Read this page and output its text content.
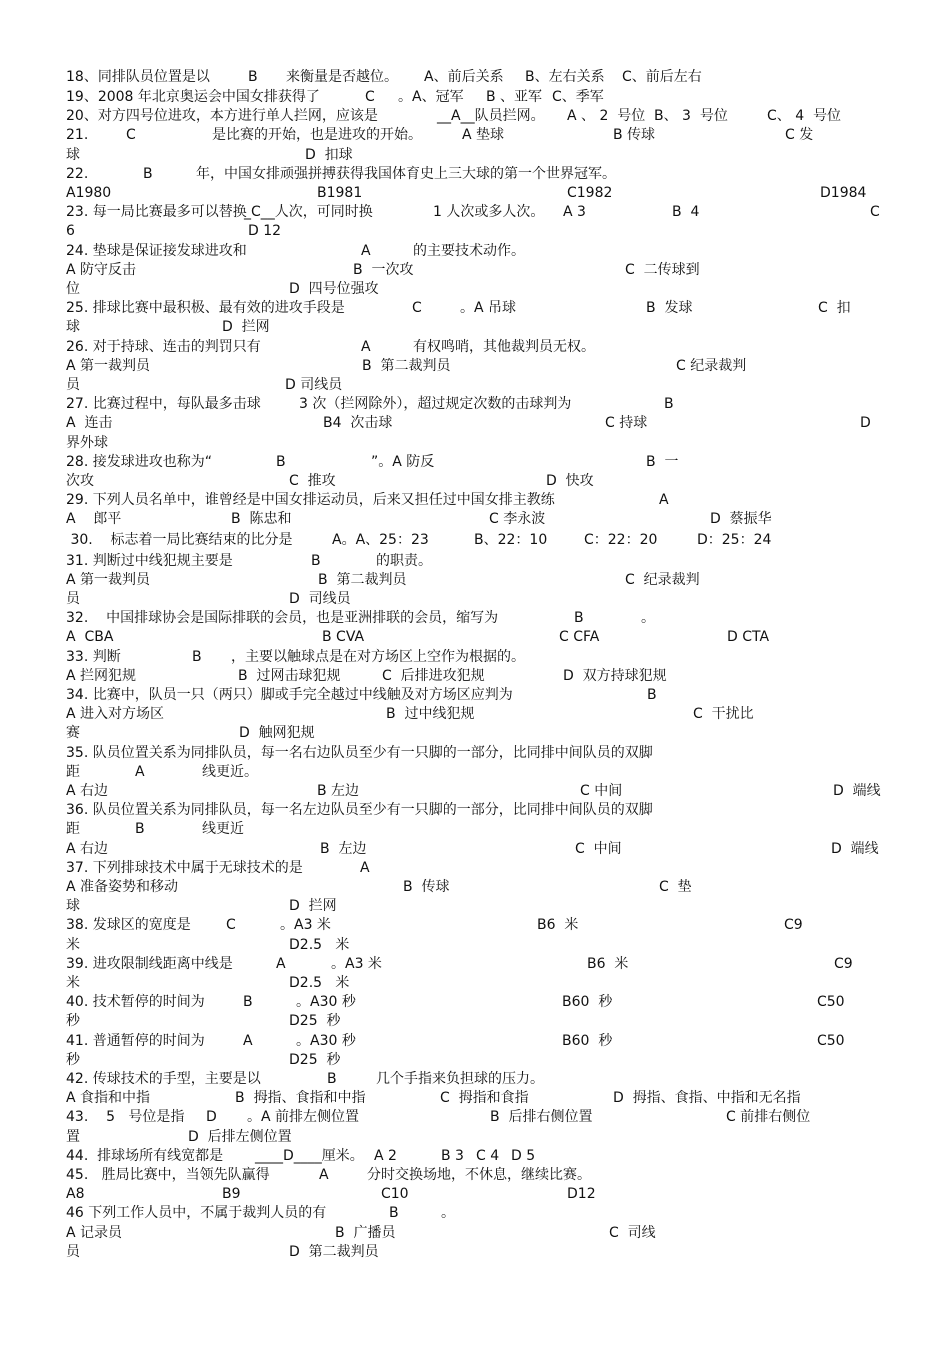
18、同排队员位置是以	B 来衡量是否越位。 A、前后关系 B、左右关系 C、前后左右
19、2008 年北京奥运会中国女排获得了	C 。A、冠军 B 、亚军 C、季军
20、对方四号位进攻，本方进行单人拦网，应该是	__A__队员拦网。 A 、 2  号位 B、 3  号位	C、 4  号位
21.	C	是比赛的开始，也是进攻的开始。	A 垫球	B 传球	C 发
球	D  扣球
22.	B	年，中国女排顽强拼搏获得我国体育史上三大球的第一个世界冠军。
A1980	B1981	C1982	D1984
23. 每一局比赛最多可以替换
_C__人次，可同时换	1 人次或多人次。 A 3	B  4	C
6	D 12
24. 垫球是保证接发球进攻和	A	的主要技术动作。
A 防守反击	B  一次攻	C  二传球到
位	D  四号位强攻
25. 排球比赛中最积极、最有效的进攻手段是	C	。A 吊球	B  发球	C  扣
球	D  拦网
26. 对于持球、连击的判罚只有	A	有权鸣哨，其他裁判员无权。
A 第一裁判员	B  第二裁判员	C 纪录裁判
员	D 司线员
27. 比赛过程中，每队最多击球	3 次（拦网除外），超过规定次数的击球判为	B
A  连击	B4  次击球	C 持球	D
界外球
28. 接发球进攻也称为“	B	”。A 防反	B  一
次攻	C  推攻	D  快攻
29. 下列人员名单中，谁曾经是中国女排运动员，后来又担任过中国女排主教练	A
A    郎平	B  陈忠和	C 李永波	D  蔡振华
30.    标志着一局比赛结束的比分是	A。A、25：23	B、22：10	C：22：20	D：25：24
31. 判断过中线犯规主要是	B	的职责。
A 第一裁判员	B  第二裁判员	C  纪录裁判
员	D  司线员
32.    中国排球协会是国际排联的会员，也是亚洲排联的会员，缩写为	B	。
A  CBA	B CVA	C CFA	D CTA
33. 判断	B ，主要以触球点是在对方场区上空作为根据的。
A 拦网犯规	B  过网击球犯规	C  后排进攻犯规	D  双方持球犯规
34. 比赛中，队员一只（两只）脚或手完全越过中线触及对方场区应判为	B
A 进入对方场区	B  过中线犯规	C  干扰比
赛	D  触网犯规
35. 队员位置关系为同排队员，每一名右边队员至少有一只脚的一部分，比同排中间队员的双脚
距	A	线更近。
A 右边	B 左边	C 中间	D  端线
36. 队员位置关系为同排队员，每一名左边队员至少有一只脚的一部分，比同排中间队员的双脚
距	B	线更近
A 右边	B  左边	C  中间	D  端线
37. 下列排球技术中属于无球技术的是	A
A 准备姿势和移动	B  传球	C  垫
球	D  拦网
38. 发球区的宽度是	C	。A3 米	B6  米	C9
米	D2.5   米
39. 进攻限制线距离中线是	A	。A3 米	B6  米	C9
米	D2.5   米
40. 技术暂停的时间为	B	。A30 秒	B60  秒	C50
秒	D25  秒
41. 普通暂停的时间为	A	。A30 秒	B60  秒	C50
秒	D25  秒
42. 传球技术的手型，主要是以	B	几个手指来负担球的压力。
A 食指和中指	B  拇指、食指和中指	C  拇指和食指	D  拇指、食指、中指和无名指
43.    5   号位是指 D 。A 前排左侧位置	B  后排右侧位置	C 前排右侧位
置	D  后排左侧位置
44.  排球场所有线宽都是 ____D____厘米。 A 2	B 3 C 4 D 5
45.   胜局比赛中，当领先队赢得	A	分时交换场地，不休息，继续比赛。
A8	B9	C10	D12
46 下列工作人员中，不属于裁判人员的有	B	。
A 记录员	B  广播员	C  司线
员	D  第二裁判员
